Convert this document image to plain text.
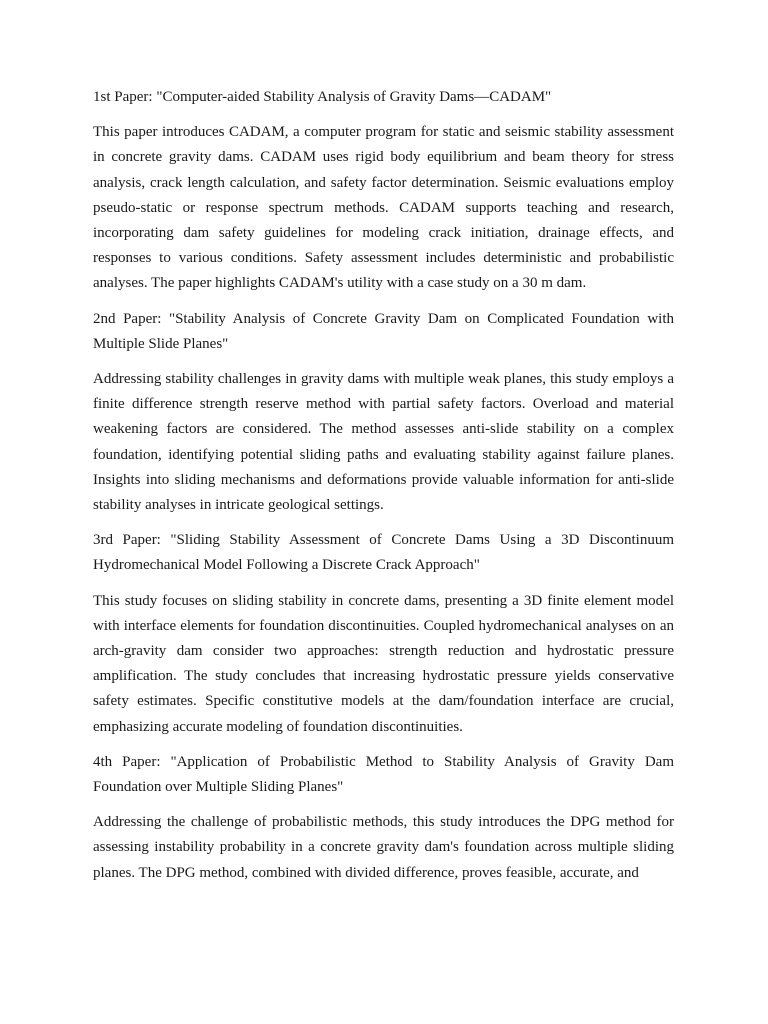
1st Paper: "Computer-aided Stability Analysis of Gravity Dams—CADAM"

This paper introduces CADAM, a computer program for static and seismic stability assessment in concrete gravity dams. CADAM uses rigid body equilibrium and beam theory for stress analysis, crack length calculation, and safety factor determination. Seismic evaluations employ pseudo-static or response spectrum methods. CADAM supports teaching and research, incorporating dam safety guidelines for modeling crack initiation, drainage effects, and responses to various conditions. Safety assessment includes deterministic and probabilistic analyses. The paper highlights CADAM's utility with a case study on a 30 m dam.

2nd Paper: "Stability Analysis of Concrete Gravity Dam on Complicated Foundation with Multiple Slide Planes"

Addressing stability challenges in gravity dams with multiple weak planes, this study employs a finite difference strength reserve method with partial safety factors. Overload and material weakening factors are considered. The method assesses anti-slide stability on a complex foundation, identifying potential sliding paths and evaluating stability against failure planes. Insights into sliding mechanisms and deformations provide valuable information for anti-slide stability analyses in intricate geological settings.

3rd Paper: "Sliding Stability Assessment of Concrete Dams Using a 3D Discontinuum Hydromechanical Model Following a Discrete Crack Approach"

This study focuses on sliding stability in concrete dams, presenting a 3D finite element model with interface elements for foundation discontinuities. Coupled hydromechanical analyses on an arch-gravity dam consider two approaches: strength reduction and hydrostatic pressure amplification. The study concludes that increasing hydrostatic pressure yields conservative safety estimates. Specific constitutive models at the dam/foundation interface are crucial, emphasizing accurate modeling of foundation discontinuities.

4th Paper: "Application of Probabilistic Method to Stability Analysis of Gravity Dam Foundation over Multiple Sliding Planes"

Addressing the challenge of probabilistic methods, this study introduces the DPG method for assessing instability probability in a concrete gravity dam's foundation across multiple sliding planes. The DPG method, combined with divided difference, proves feasible, accurate, and
